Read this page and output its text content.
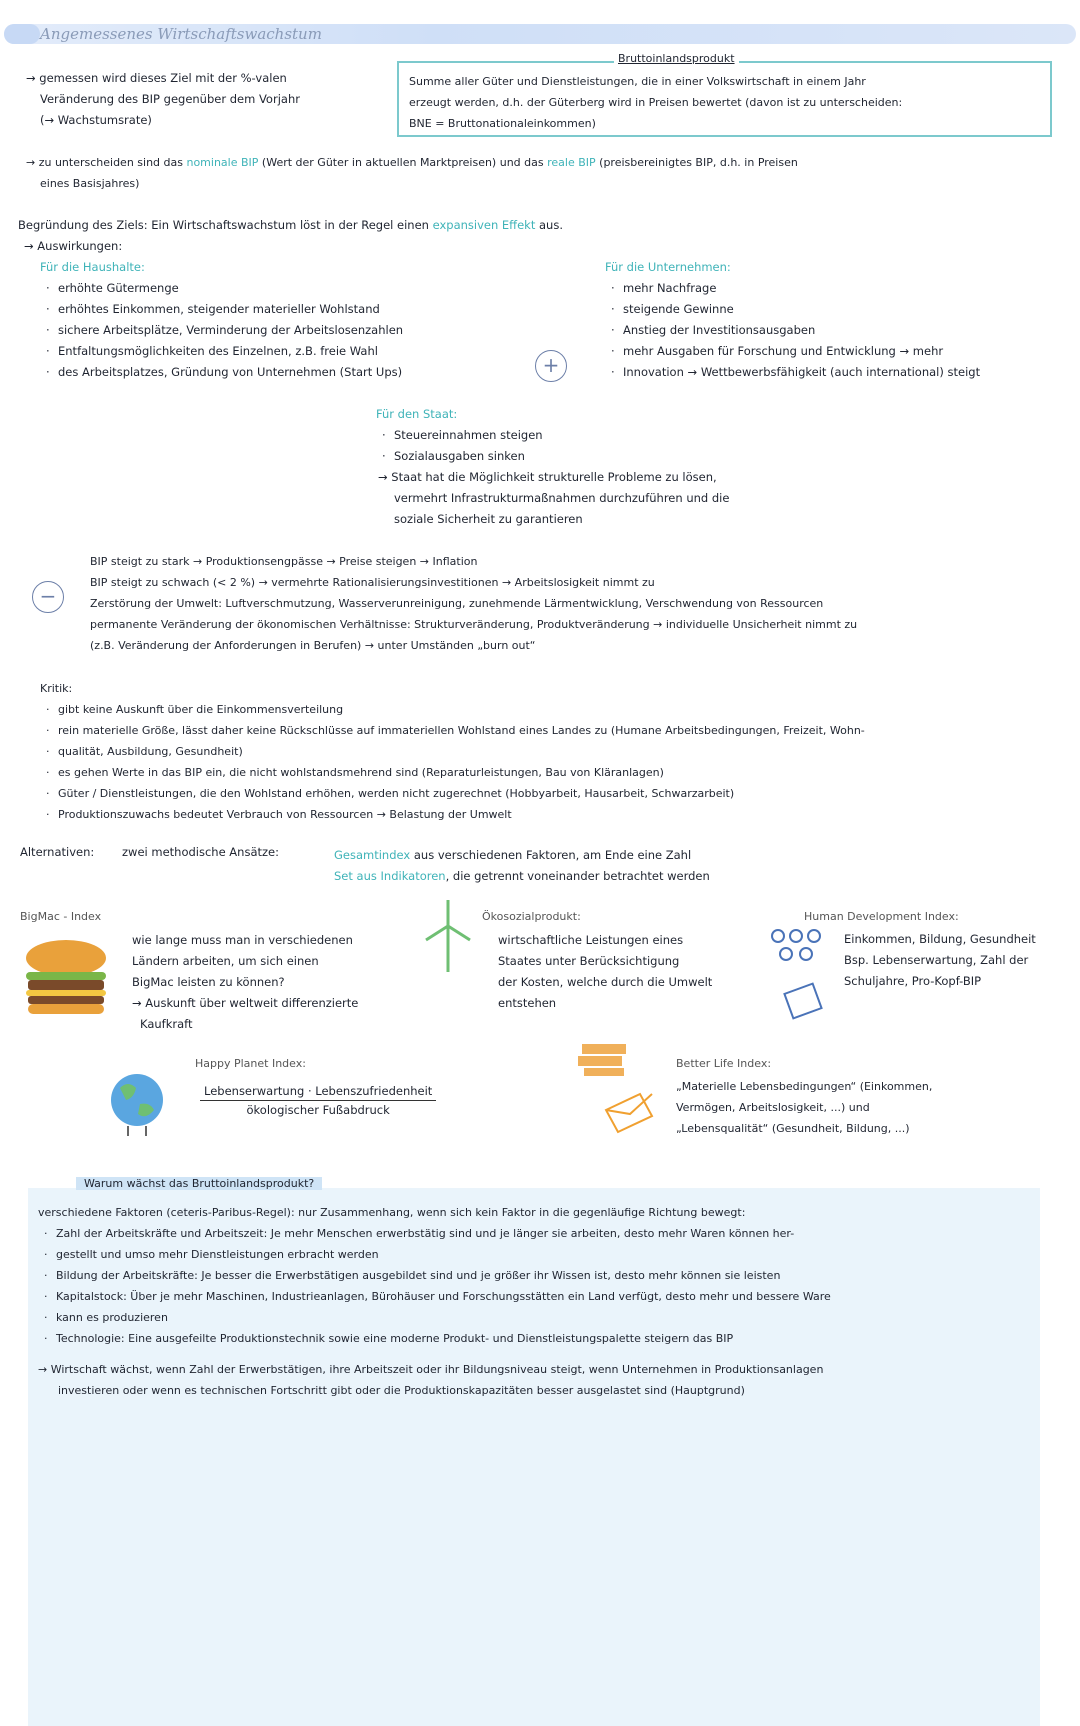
Angemessenes Wirtschaftswachstum
→ gemessen wird dieses Ziel mit der %-valen
Veränderung des BIP gegenüber dem Vorjahr
(→ Wachstumsrate)
Summe aller Güter und Dienstleistungen, die in einer Volkswirtschaft in einem Jahr
erzeugt werden, d.h. der Güterberg wird in Preisen bewertet (davon ist zu unterscheiden:
BNE = Bruttonationaleinkommen)
Bruttoinlandsprodukt
→ zu unterscheiden sind das nominale BIP (Wert der Güter in aktuellen Marktpreisen) und das reale BIP (preisbereinigtes BIP, d.h. in Preisen
eines Basisjahres)
Begründung des Ziels: Ein Wirtschaftswachstum löst in der Regel einen expansiven Effekt aus.
→ Auswirkungen:
Für die Haushalte:
· erhöhte Gütermenge
· erhöhtes Einkommen, steigender materieller Wohlstand
· sichere Arbeitsplätze, Verminderung der Arbeitslosenzahlen
· Entfaltungsmöglichkeiten des Einzelnen, z.B. freie Wahl
· des Arbeitsplatzes, Gründung von Unternehmen (Start Ups)	+
Für die Unternehmen:
· mehr Nachfrage
· steigende Gewinne
· Anstieg der Investitionsausgaben
· mehr Ausgaben für Forschung und Entwicklung → mehr
· Innovation → Wettbewerbsfähigkeit (auch international) steigt
Für den Staat:
· Steuereinnahmen steigen
· Sozialausgaben sinken
→ Staat hat die Möglichkeit strukturelle Probleme zu lösen,
vermehrt Infrastrukturmaßnahmen durchzuführen und die
soziale Sicherheit zu garantieren
−
BIP steigt zu stark → Produktionsengpässe → Preise steigen → Inflation
BIP steigt zu schwach (< 2 %) → vermehrte Rationalisierungsinvestitionen → Arbeitslosigkeit nimmt zu
Zerstörung der Umwelt: Luftverschmutzung, Wasserverunreinigung, zunehmende Lärmentwicklung, Verschwendung von Ressourcen
permanente Veränderung der ökonomischen Verhältnisse: Strukturveränderung, Produktveränderung → individuelle Unsicherheit nimmt zu
(z.B. Veränderung der Anforderungen in Berufen) → unter Umständen „burn out“
Kritik:
· gibt keine Auskunft über die Einkommensverteilung
· rein materielle Größe, lässt daher keine Rückschlüsse auf immateriellen Wohlstand eines Landes zu (Humane Arbeitsbedingungen, Freizeit, Wohn-
· qualität, Ausbildung, Gesundheit)
· es gehen Werte in das BIP ein, die nicht wohlstandsmehrend sind (Reparaturleistungen, Bau von Kläranlagen)
· Güter / Dienstleistungen, die den Wohlstand erhöhen, werden nicht zugerechnet (Hobbyarbeit, Hausarbeit, Schwarzarbeit)
· Produktionszuwachs bedeutet Verbrauch von Ressourcen → Belastung der Umwelt
Alternativen: zwei methodische Ansätze:	Gesamtindex aus verschiedenen Faktoren, am Ende eine Zahl
Set aus Indikatoren, die getrennt voneinander betrachtet werden
BigMac - Index
wie lange muss man in verschiedenen
Ländern arbeiten, um sich einen
BigMac leisten zu können?
→ Auskunft über weltweit differenzierte
Kaufkraft
Ökosozialprodukt:
wirtschaftliche Leistungen eines
Staates unter Berücksichtigung
der Kosten, welche durch die Umwelt
entstehen
Human Development Index:
Einkommen, Bildung, Gesundheit
Bsp. Lebenserwartung, Zahl der
Schuljahre, Pro-Kopf-BIP
Happy Planet Index:
Lebenserwartung · Lebenszufriedenheit
ökologischer Fußabdruck
Better Life Index:
„Materielle Lebensbedingungen“ (Einkommen,
Vermögen, Arbeitslosigkeit, ...) und
„Lebensqualität“ (Gesundheit, Bildung, ...)
Warum wächst das Bruttoinlandsprodukt?
verschiedene Faktoren (ceteris-Paribus-Regel): nur Zusammenhang, wenn sich kein Faktor in die gegenläufige Richtung bewegt:
· Zahl der Arbeitskräfte und Arbeitszeit: Je mehr Menschen erwerbstätig sind und je länger sie arbeiten, desto mehr Waren können her-
· gestellt und umso mehr Dienstleistungen erbracht werden
· Bildung der Arbeitskräfte: Je besser die Erwerbstätigen ausgebildet sind und je größer ihr Wissen ist, desto mehr können sie leisten
· Kapitalstock: Über je mehr Maschinen, Industrieanlagen, Bürohäuser und Forschungsstätten ein Land verfügt, desto mehr und bessere Ware
· kann es produzieren
· Technologie: Eine ausgefeilte Produktionstechnik sowie eine moderne Produkt- und Dienstleistungspalette steigern das BIP
→ Wirtschaft wächst, wenn Zahl der Erwerbstätigen, ihre Arbeitszeit oder ihr Bildungsniveau steigt, wenn Unternehmen in Produktionsanlagen
investieren oder wenn es technischen Fortschritt gibt oder die Produktionskapazitäten besser ausgelastet sind (Hauptgrund)
